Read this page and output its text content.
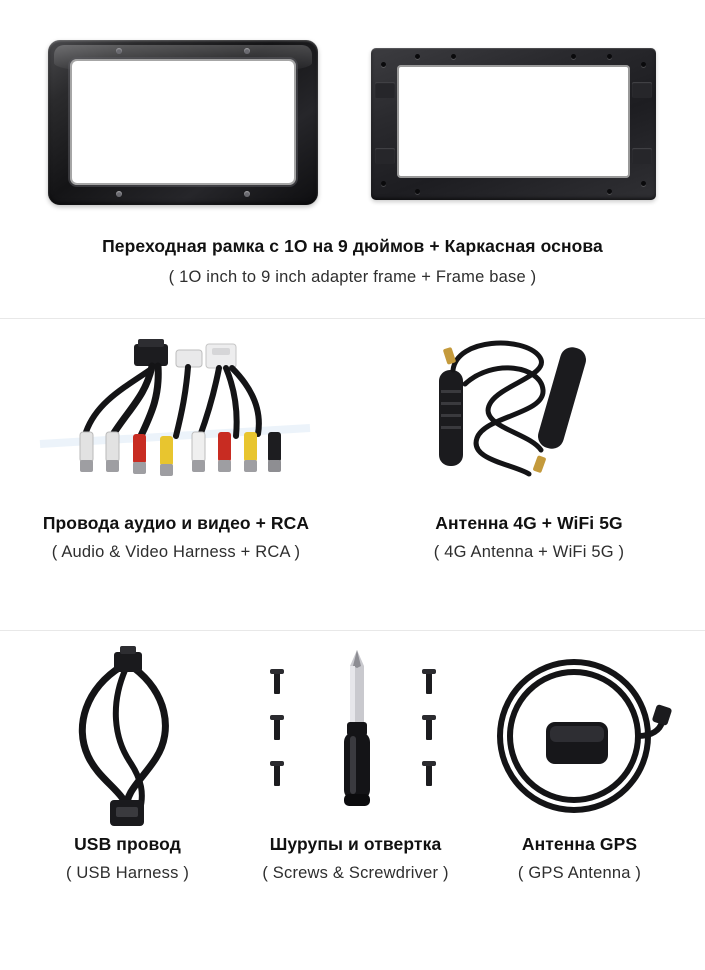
Переходная рамка с 1О на 9 дюймов + Каркасная основа
( 1О inch to 9 inch adapter frame + Frame base )
Провода аудио и видео + RCA
( Audio & Video Harness + RCA )
Антенна 4G + WiFi 5G
( 4G Antenna + WiFi 5G )
USB провод
( USB Harness )
Шурупы и отвертка
( Screws & Screwdriver )
Антенна GPS
( GPS Antenna )
